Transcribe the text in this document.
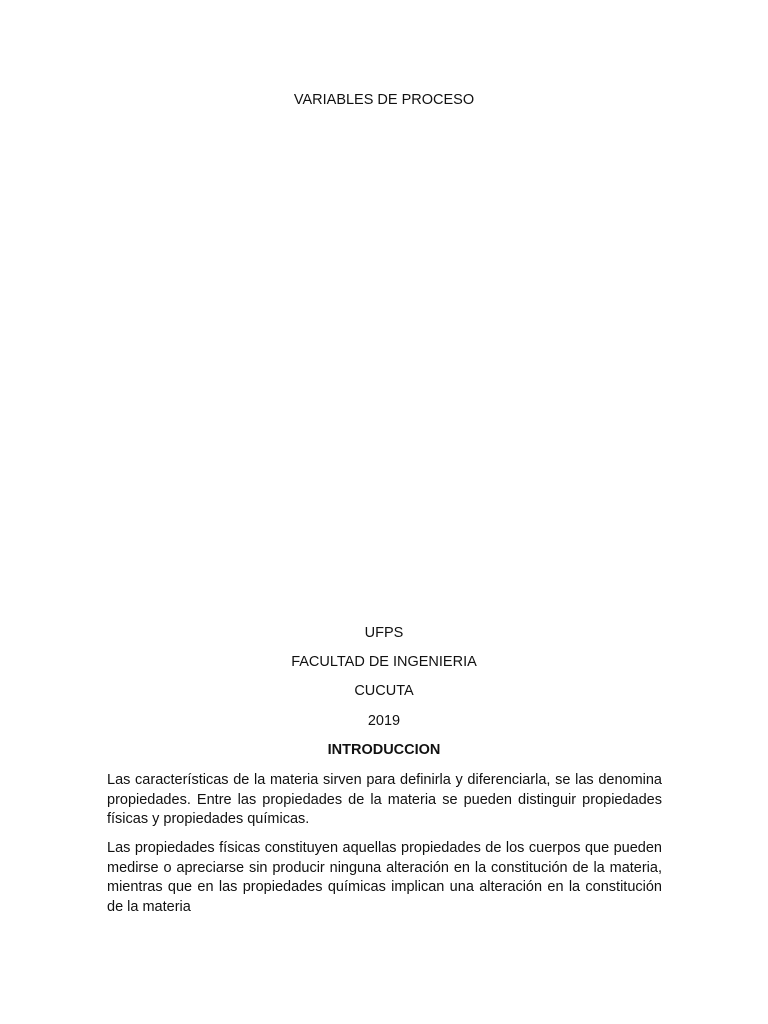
VARIABLES DE PROCESO
UFPS
FACULTAD DE INGENIERIA
CUCUTA
2019
INTRODUCCION

Las características de la materia sirven para definirla y diferenciarla, se las denomina propiedades. Entre las propiedades de la materia se pueden distinguir propiedades físicas y propiedades químicas.

Las propiedades físicas constituyen aquellas propiedades de los cuerpos que pueden medirse o apreciarse sin producir ninguna alteración en la constitución de la materia, mientras que en las propiedades químicas implican una alteración en la constitución de la materia
